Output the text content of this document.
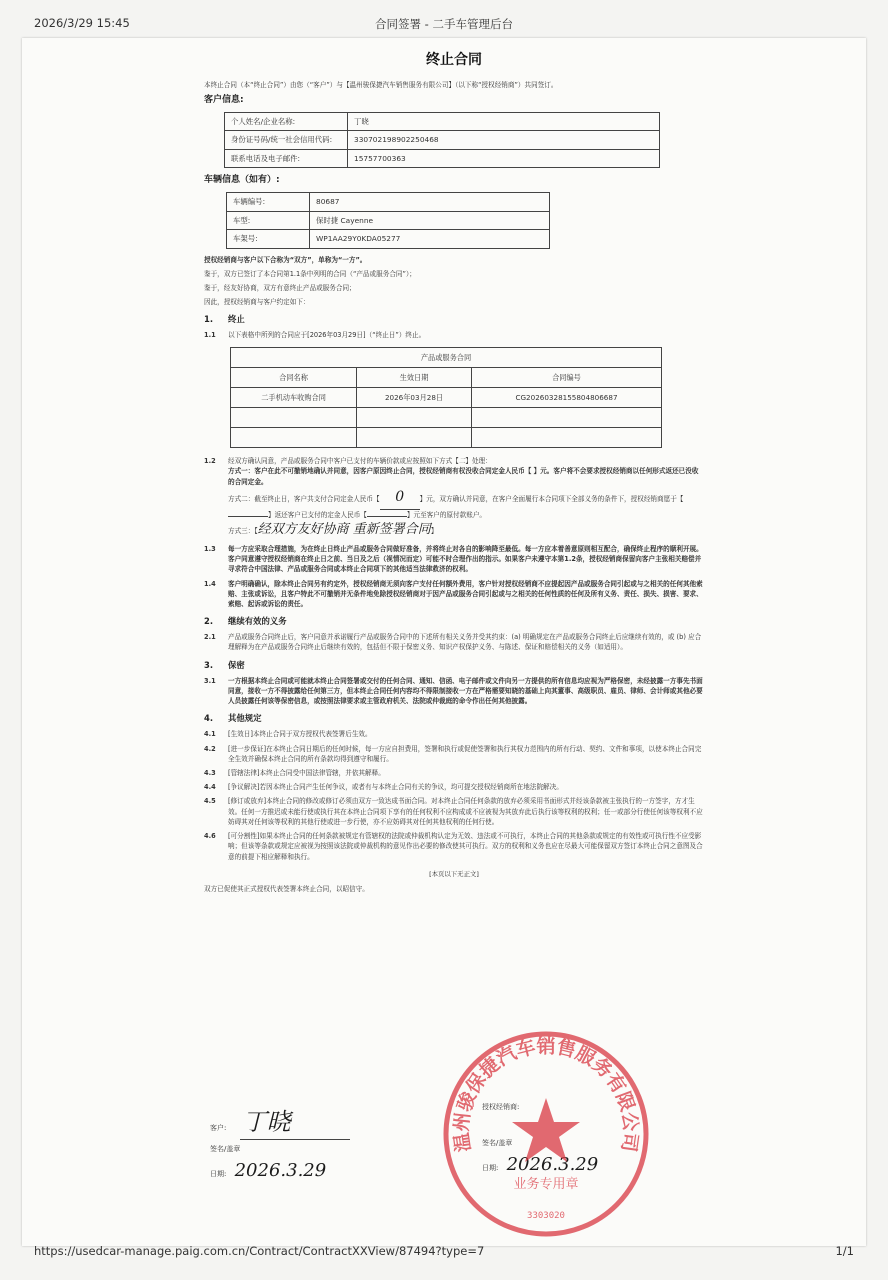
2026/3/29 15:45	合同签署 - 二手车管理后台
终止合同
本终止合同（本“终止合同”）由您（“客户”）与【温州骏保捷汽车销售服务有限公司】（以下称“授权经销商”）共同签订。
客户信息:
个人姓名/企业名称:	丁晓
身份证号码/统一社会信用代码:	330702198902250468
联系电话及电子邮件:	15757700363
车辆信息（如有）:
车辆编号:	80687
车型:	保时捷 Cayenne
车架号:	WP1AA29Y0KDA05277
授权经销商与客户以下合称为“双方”，单称为“一方”。
鉴于，双方已签订了本合同第1.1条中列明的合同（“产品或服务合同”）；
鉴于，经友好协商，双方有意终止产品或服务合同；
因此，授权经销商与客户约定如下：
1. 终止
1.1	以下表格中所列的合同应于[2026年03月29日]（“终止日”）终止。
产品或服务合同		
合同名称	生效日期	合同编号
二手机动车收购合同	2026年03月28日	CG20260328155804806687

1.2	经双方确认同意，产品或服务合同中客户已支付的车辆价款或应按照如下方式【二】处理：
方式一：客户在此不可撤销地确认并同意，因客户原因终止合同，授权经销商有权没收合同定金人民币【 】元。客户将不会要求授权经销商以任何形式返还已没收的合同定金。
方式二：截至终止日，客户共支付合同定金人民币【 0 】元，双方确认并同意，在客户全面履行本合同项下全部义务的条件下，授权经销商愿于【】返还客户已支付的定金人民币【	】元至客户的原付款账户。
方式三：【经双方友好协商 重新签署合同】
1.3	每一方应采取合理措施，为在终止日终止产品或服务合同做好准备，并将终止对各自的影响降至最低。每一方应本着善意原则相互配合，确保终止程序的顺利开展。客户同意遵守授权经销商在终止日之前、当日及之后（视情况而定）可能不时合理作出的指示。如果客户未遵守本第1.2条，授权经销商保留向客户主张相关赔偿并寻求符合中国法律、产品或服务合同或本终止合同项下的其他适当法律救济的权利。
1.4	客户明确确认，除本终止合同另有约定外，授权经销商无须向客户支付任何额外费用，客户针对授权经销商不应提起因产品或服务合同引起或与之相关的任何其他索赔、主张或诉讼，且客户特此不可撤销并无条件地免除授权经销商对于因产品或服务合同引起或与之相关的任何性质的任何及所有义务、责任、损失、损害、要求、索赔、起诉或诉讼的责任。
2. 继续有效的义务
2.1	产品或服务合同终止后，客户同意并承诺履行产品或服务合同中的下述所有相关义务并受其约束：(a) 明确规定在产品或服务合同终止后应继续有效的，或 (b) 应合理解释为在产品或服务合同终止后继续有效的，包括但不限于保密义务、知识产权保护义务、与陈述、保证和赔偿相关的义务（如适用）。
3. 保密
3.1	一方根据本终止合同或可能就本终止合同签署或交付的任何合同、通知、信函、电子邮件或文件向另一方提供的所有信息均应视为严格保密，未经披露一方事先书面同意，接收一方不得披露给任何第三方，但本终止合同任何内容均不得限制接收一方在严格需要知晓的基础上向其董事、高级职员、雇员、律师、会计师或其他必要人员披露任何该等保密信息，或按照法律要求或主管政府机关、法院或仲裁庭的命令作出任何其他披露。
4. 其他规定
4.1	[生效日]本终止合同于双方授权代表签署后生效。
4.2	[进一步保证]在本终止合同日期后的任何时候，每一方应自担费用，签署和执行或促使签署和执行其权力范围内的所有行动、契约、文件和事项，以使本终止合同完全生效并确保本终止合同的所有条款均得到遵守和履行。
4.3	[管辖法律]本终止合同受中国法律管辖，并依其解释。
4.4	[争议解决]若因本终止合同产生任何争议，或者有与本终止合同有关的争议，均可提交授权经销商所在地法院解决。
4.5	[修订或放弃]本终止合同的修改或修订必须由双方一致达成书面合同。对本终止合同任何条款的放弃必须采用书面形式并经该条款被主张执行的一方签字，方才生效。任何一方推迟或未能行使或执行其在本终止合同项下享有的任何权利不应构成或不应被视为其放弃此后执行该等权利的权利；任一或部分行使任何该等权利不应妨碍其对任何该等权利的其他行使或进一步行使，亦不应妨碍其对任何其他权利的任何行使。
4.6	[可分割性]如果本终止合同的任何条款被规定有管辖权的法院或仲裁机构认定为无效、违法或不可执行，本终止合同的其他条款或规定的有效性或可执行性不应受影响；但该等条款或规定应被视为按照该法院或仲裁机构的意见作出必要的修改使其可执行。双方的权利和义务也应在尽最大可能保留双方签订本终止合同之意图及合意的前提下相应解释和执行。
[本页以下无正文]
双方已促使其正式授权代表签署本终止合同，以昭信守。
客户: 丁晓
签名/盖章
日期: 2026.3.29
授权经销商:
签名/盖章
日期: 2026.3.29
温州骏保捷汽车销售服务有限公司
业务专用章
3303020
https://usedcar-manage.paig.com.cn/Contract/ContractXXView/87494?type=7	1/1
